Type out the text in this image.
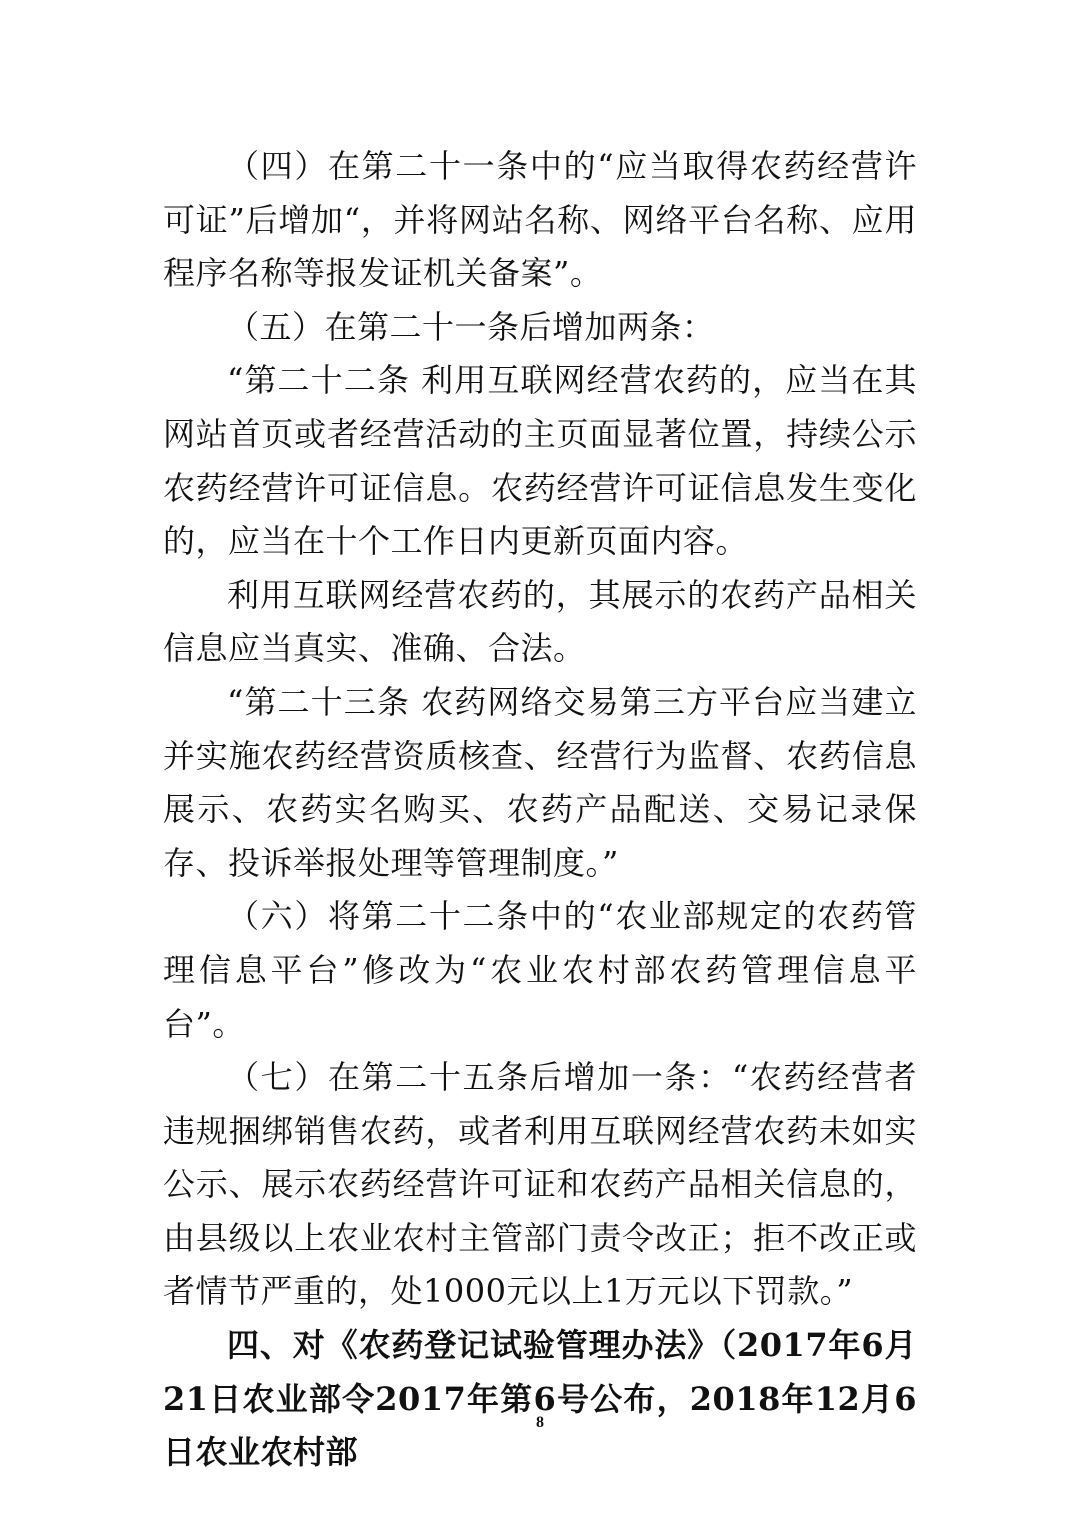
（四）在第二十一条中的“应当取得农药经营许可证”后增加“，并将网站名称、网络平台名称、应用程序名称等报发证机关备案”。

（五）在第二十一条后增加两条：

“第二十二条 利用互联网经营农药的，应当在其网站首页或者经营活动的主页面显著位置，持续公示农药经营许可证信息。农药经营许可证信息发生变化的，应当在十个工作日内更新页面内容。

利用互联网经营农药的，其展示的农药产品相关信息应当真实、准确、合法。

“第二十三条 农药网络交易第三方平台应当建立并实施农药经营资质核查、经营行为监督、农药信息展示、农药实名购买、农药产品配送、交易记录保存、投诉举报处理等管理制度。”

（六）将第二十二条中的“农业部规定的农药管理信息平台”修改为“农业农村部农药管理信息平台”。

（七）在第二十五条后增加一条：“农药经营者违规捆绑销售农药，或者利用互联网经营农药未如实公示、展示农药经营许可证和农药产品相关信息的，由县级以上农业农村主管部门责令改正；拒不改正或者情节严重的，处1000元以上1万元以下罚款。”

四、对《农药登记试验管理办法》（2017年6月21日农业部令2017年第6号公布，2018年12月6日农业农村部

8
